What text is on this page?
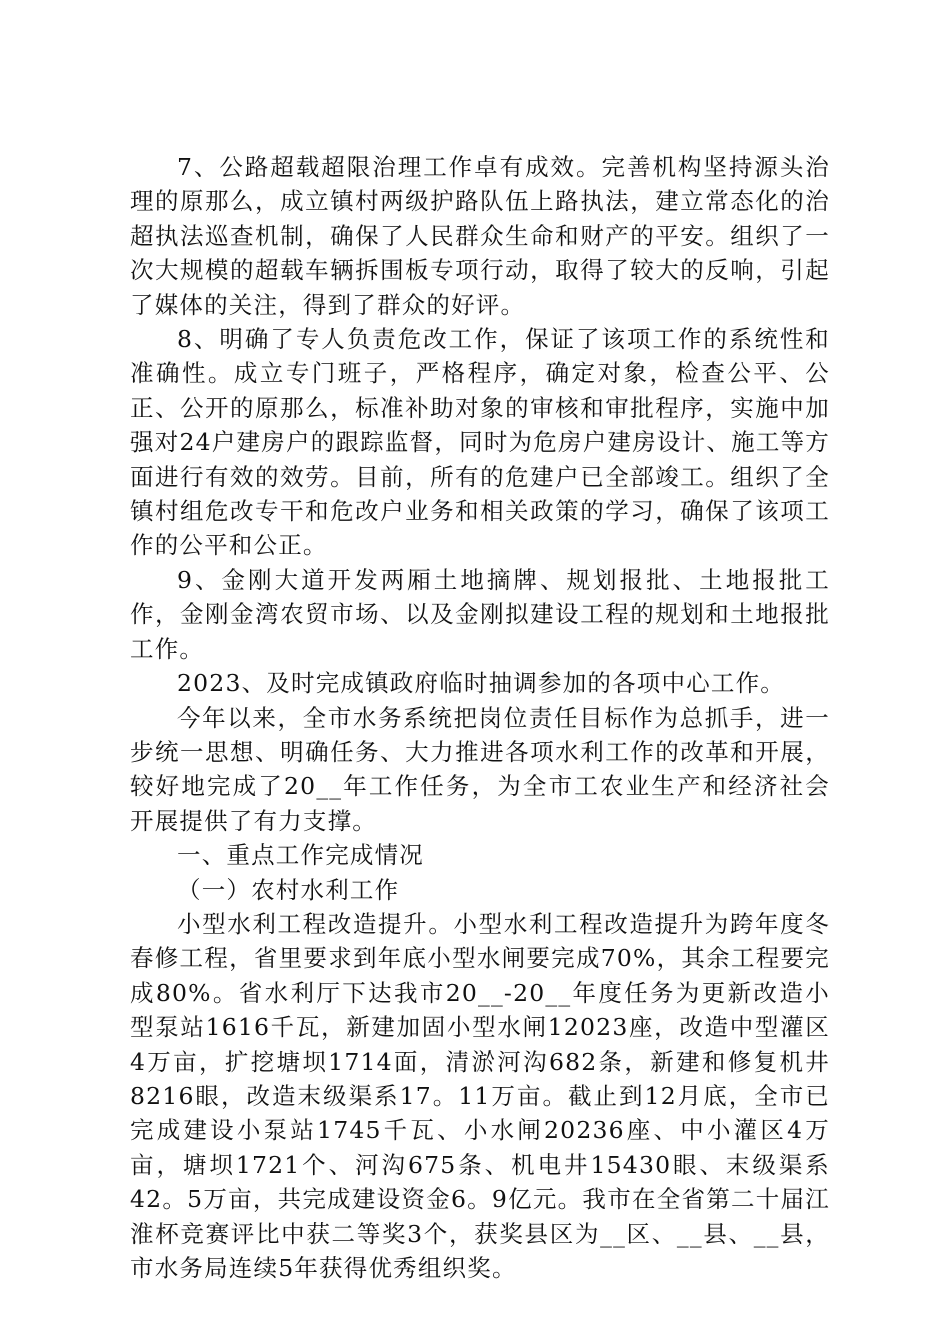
7、公路超载超限治理工作卓有成效。完善机构坚持源头治理的原那么，成立镇村两级护路队伍上路执法，建立常态化的治超执法巡查机制，确保了人民群众生命和财产的平安。组织了一次大规模的超载车辆拆围板专项行动，取得了较大的反响，引起了媒体的关注，得到了群众的好评。

8、明确了专人负责危改工作，保证了该项工作的系统性和准确性。成立专门班子，严格程序，确定对象，检查公平、公正、公开的原那么，标准补助对象的审核和审批程序，实施中加强对24户建房户的跟踪监督，同时为危房户建房设计、施工等方面进行有效的效劳。目前，所有的危建户已全部竣工。组织了全镇村组危改专干和危改户业务和相关政策的学习，确保了该项工作的公平和公正。

9、金刚大道开发两厢土地摘牌、规划报批、土地报批工作，金刚金湾农贸市场、以及金刚拟建设工程的规划和土地报批工作。

2023、及时完成镇政府临时抽调参加的各项中心工作。

今年以来，全市水务系统把岗位责任目标作为总抓手，进一步统一思想、明确任务、大力推进各项水利工作的改革和开展，较好地完成了20__年工作任务，为全市工农业生产和经济社会开展提供了有力支撑。

一、重点工作完成情况

（一）农村水利工作

小型水利工程改造提升。小型水利工程改造提升为跨年度冬春修工程，省里要求到年底小型水闸要完成70%，其余工程要完成80%。省水利厅下达我市20__-20__年度任务为更新改造小型泵站1616千瓦，新建加固小型水闸12023座，改造中型灌区4万亩，扩挖塘坝1714面，清淤河沟682条，新建和修复机井8216眼，改造末级渠系17。11万亩。截止到12月底，全市已完成建设小泵站1745千瓦、小水闸20236座、中小灌区4万亩，塘坝1721个、河沟675条、机电井15430眼、末级渠系42。5万亩，共完成建设资金6。9亿元。我市在全省第二十届江淮杯竞赛评比中获二等奖3个，获奖县区为__区、__县、__县，市水务局连续5年获得优秀组织奖。
